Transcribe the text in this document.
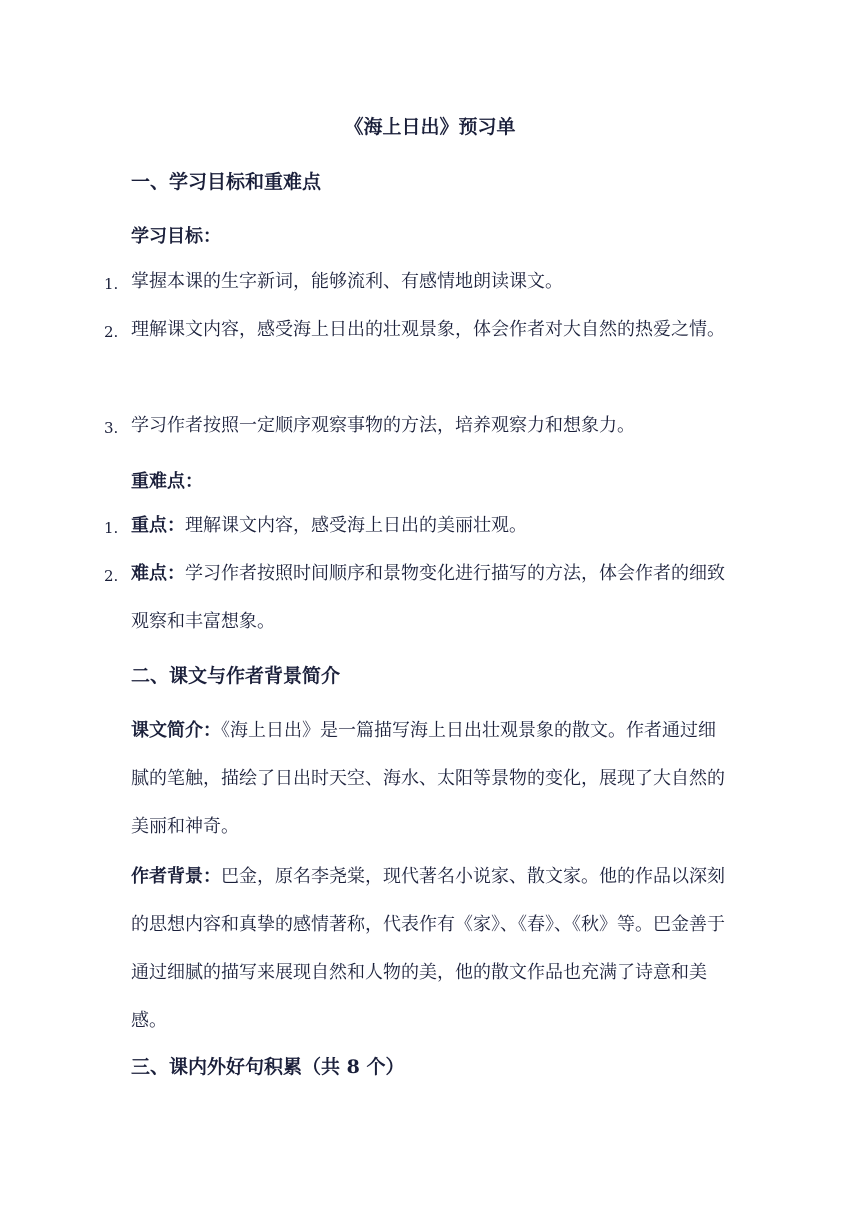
《海上日出》预习单
一、学习目标和重难点
学习目标：
1. 掌握本课的生字新词，能够流利、有感情地朗读课文。
2. 理解课文内容，感受海上日出的壮观景象，体会作者对大自然的热爱之情。
3. 学习作者按照一定顺序观察事物的方法，培养观察力和想象力。
重难点：
1. 重点：理解课文内容，感受海上日出的美丽壮观。
2. 难点：学习作者按照时间顺序和景物变化进行描写的方法，体会作者的细致观察和丰富想象。
二、课文与作者背景简介
课文简介：《海上日出》是一篇描写海上日出壮观景象的散文。作者通过细腻的笔触，描绘了日出时天空、海水、太阳等景物的变化，展现了大自然的美丽和神奇。
作者背景：巴金，原名李尧棠，现代著名小说家、散文家。他的作品以深刻的思想内容和真挚的感情著称，代表作有《家》、《春》、《秋》等。巴金善于通过细腻的描写来展现自然和人物的美，他的散文作品也充满了诗意和美感。
三、课内外好句积累（共 8 个）
